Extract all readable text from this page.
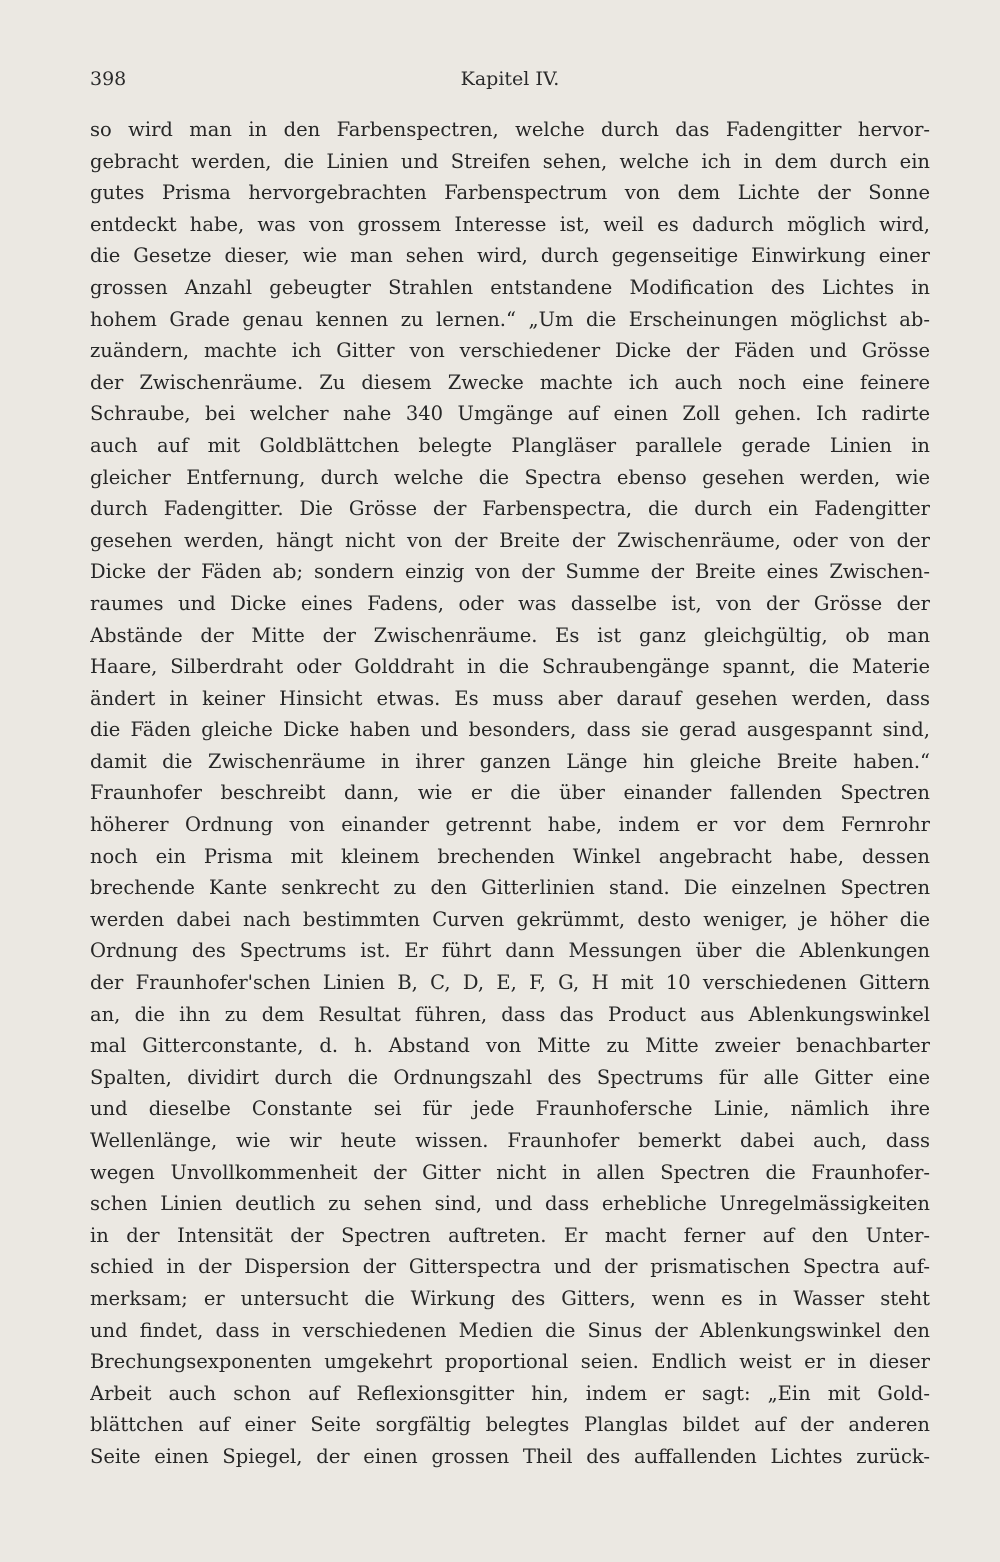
398	Kapitel IV.
so wird man in den Farbenspectren, welche durch das Fadengitter hervor-
gebracht werden, die Linien und Streifen sehen, welche ich in dem durch ein
gutes Prisma hervorgebrachten Farbenspectrum von dem Lichte der Sonne
entdeckt habe, was von grossem Interesse ist, weil es dadurch möglich wird,
die Gesetze dieser, wie man sehen wird, durch gegenseitige Einwirkung einer
grossen Anzahl gebeugter Strahlen entstandene Modification des Lichtes in
hohem Grade genau kennen zu lernen.“ „Um die Erscheinungen möglichst ab-
zuändern, machte ich Gitter von verschiedener Dicke der Fäden und Grösse
der Zwischenräume. Zu diesem Zwecke machte ich auch noch eine feinere
Schraube, bei welcher nahe 340 Umgänge auf einen Zoll gehen. Ich radirte
auch auf mit Goldblättchen belegte Plangläser parallele gerade Linien in
gleicher Entfernung, durch welche die Spectra ebenso gesehen werden, wie
durch Fadengitter. Die Grösse der Farbenspectra, die durch ein Fadengitter
gesehen werden, hängt nicht von der Breite der Zwischenräume, oder von der
Dicke der Fäden ab; sondern einzig von der Summe der Breite eines Zwischen-
raumes und Dicke eines Fadens, oder was dasselbe ist, von der Grösse der
Abstände der Mitte der Zwischenräume. Es ist ganz gleichgültig, ob man
Haare, Silberdraht oder Golddraht in die Schraubengänge spannt, die Materie
ändert in keiner Hinsicht etwas. Es muss aber darauf gesehen werden, dass
die Fäden gleiche Dicke haben und besonders, dass sie gerad ausgespannt sind,
damit die Zwischenräume in ihrer ganzen Länge hin gleiche Breite haben.“
Fraunhofer beschreibt dann, wie er die über einander fallenden Spectren
höherer Ordnung von einander getrennt habe, indem er vor dem Fernrohr
noch ein Prisma mit kleinem brechenden Winkel angebracht habe, dessen
brechende Kante senkrecht zu den Gitterlinien stand. Die einzelnen Spectren
werden dabei nach bestimmten Curven gekrümmt, desto weniger, je höher die
Ordnung des Spectrums ist. Er führt dann Messungen über die Ablenkungen
der Fraunhofer'schen Linien B, C, D, E, F, G, H mit 10 verschiedenen Gittern
an, die ihn zu dem Resultat führen, dass das Product aus Ablenkungswinkel
mal Gitterconstante, d. h. Abstand von Mitte zu Mitte zweier benachbarter
Spalten, dividirt durch die Ordnungszahl des Spectrums für alle Gitter eine
und dieselbe Constante sei für jede Fraunhofersche Linie, nämlich ihre
Wellenlänge, wie wir heute wissen. Fraunhofer bemerkt dabei auch, dass
wegen Unvollkommenheit der Gitter nicht in allen Spectren die Fraunhofer-
schen Linien deutlich zu sehen sind, und dass erhebliche Unregelmässigkeiten
in der Intensität der Spectren auftreten. Er macht ferner auf den Unter-
schied in der Dispersion der Gitterspectra und der prismatischen Spectra auf-
merksam; er untersucht die Wirkung des Gitters, wenn es in Wasser steht
und findet, dass in verschiedenen Medien die Sinus der Ablenkungswinkel den
Brechungsexponenten umgekehrt proportional seien. Endlich weist er in dieser
Arbeit auch schon auf Reflexionsgitter hin, indem er sagt: „Ein mit Gold-
blättchen auf einer Seite sorgfältig belegtes Planglas bildet auf der anderen
Seite einen Spiegel, der einen grossen Theil des auffallenden Lichtes zurück-
